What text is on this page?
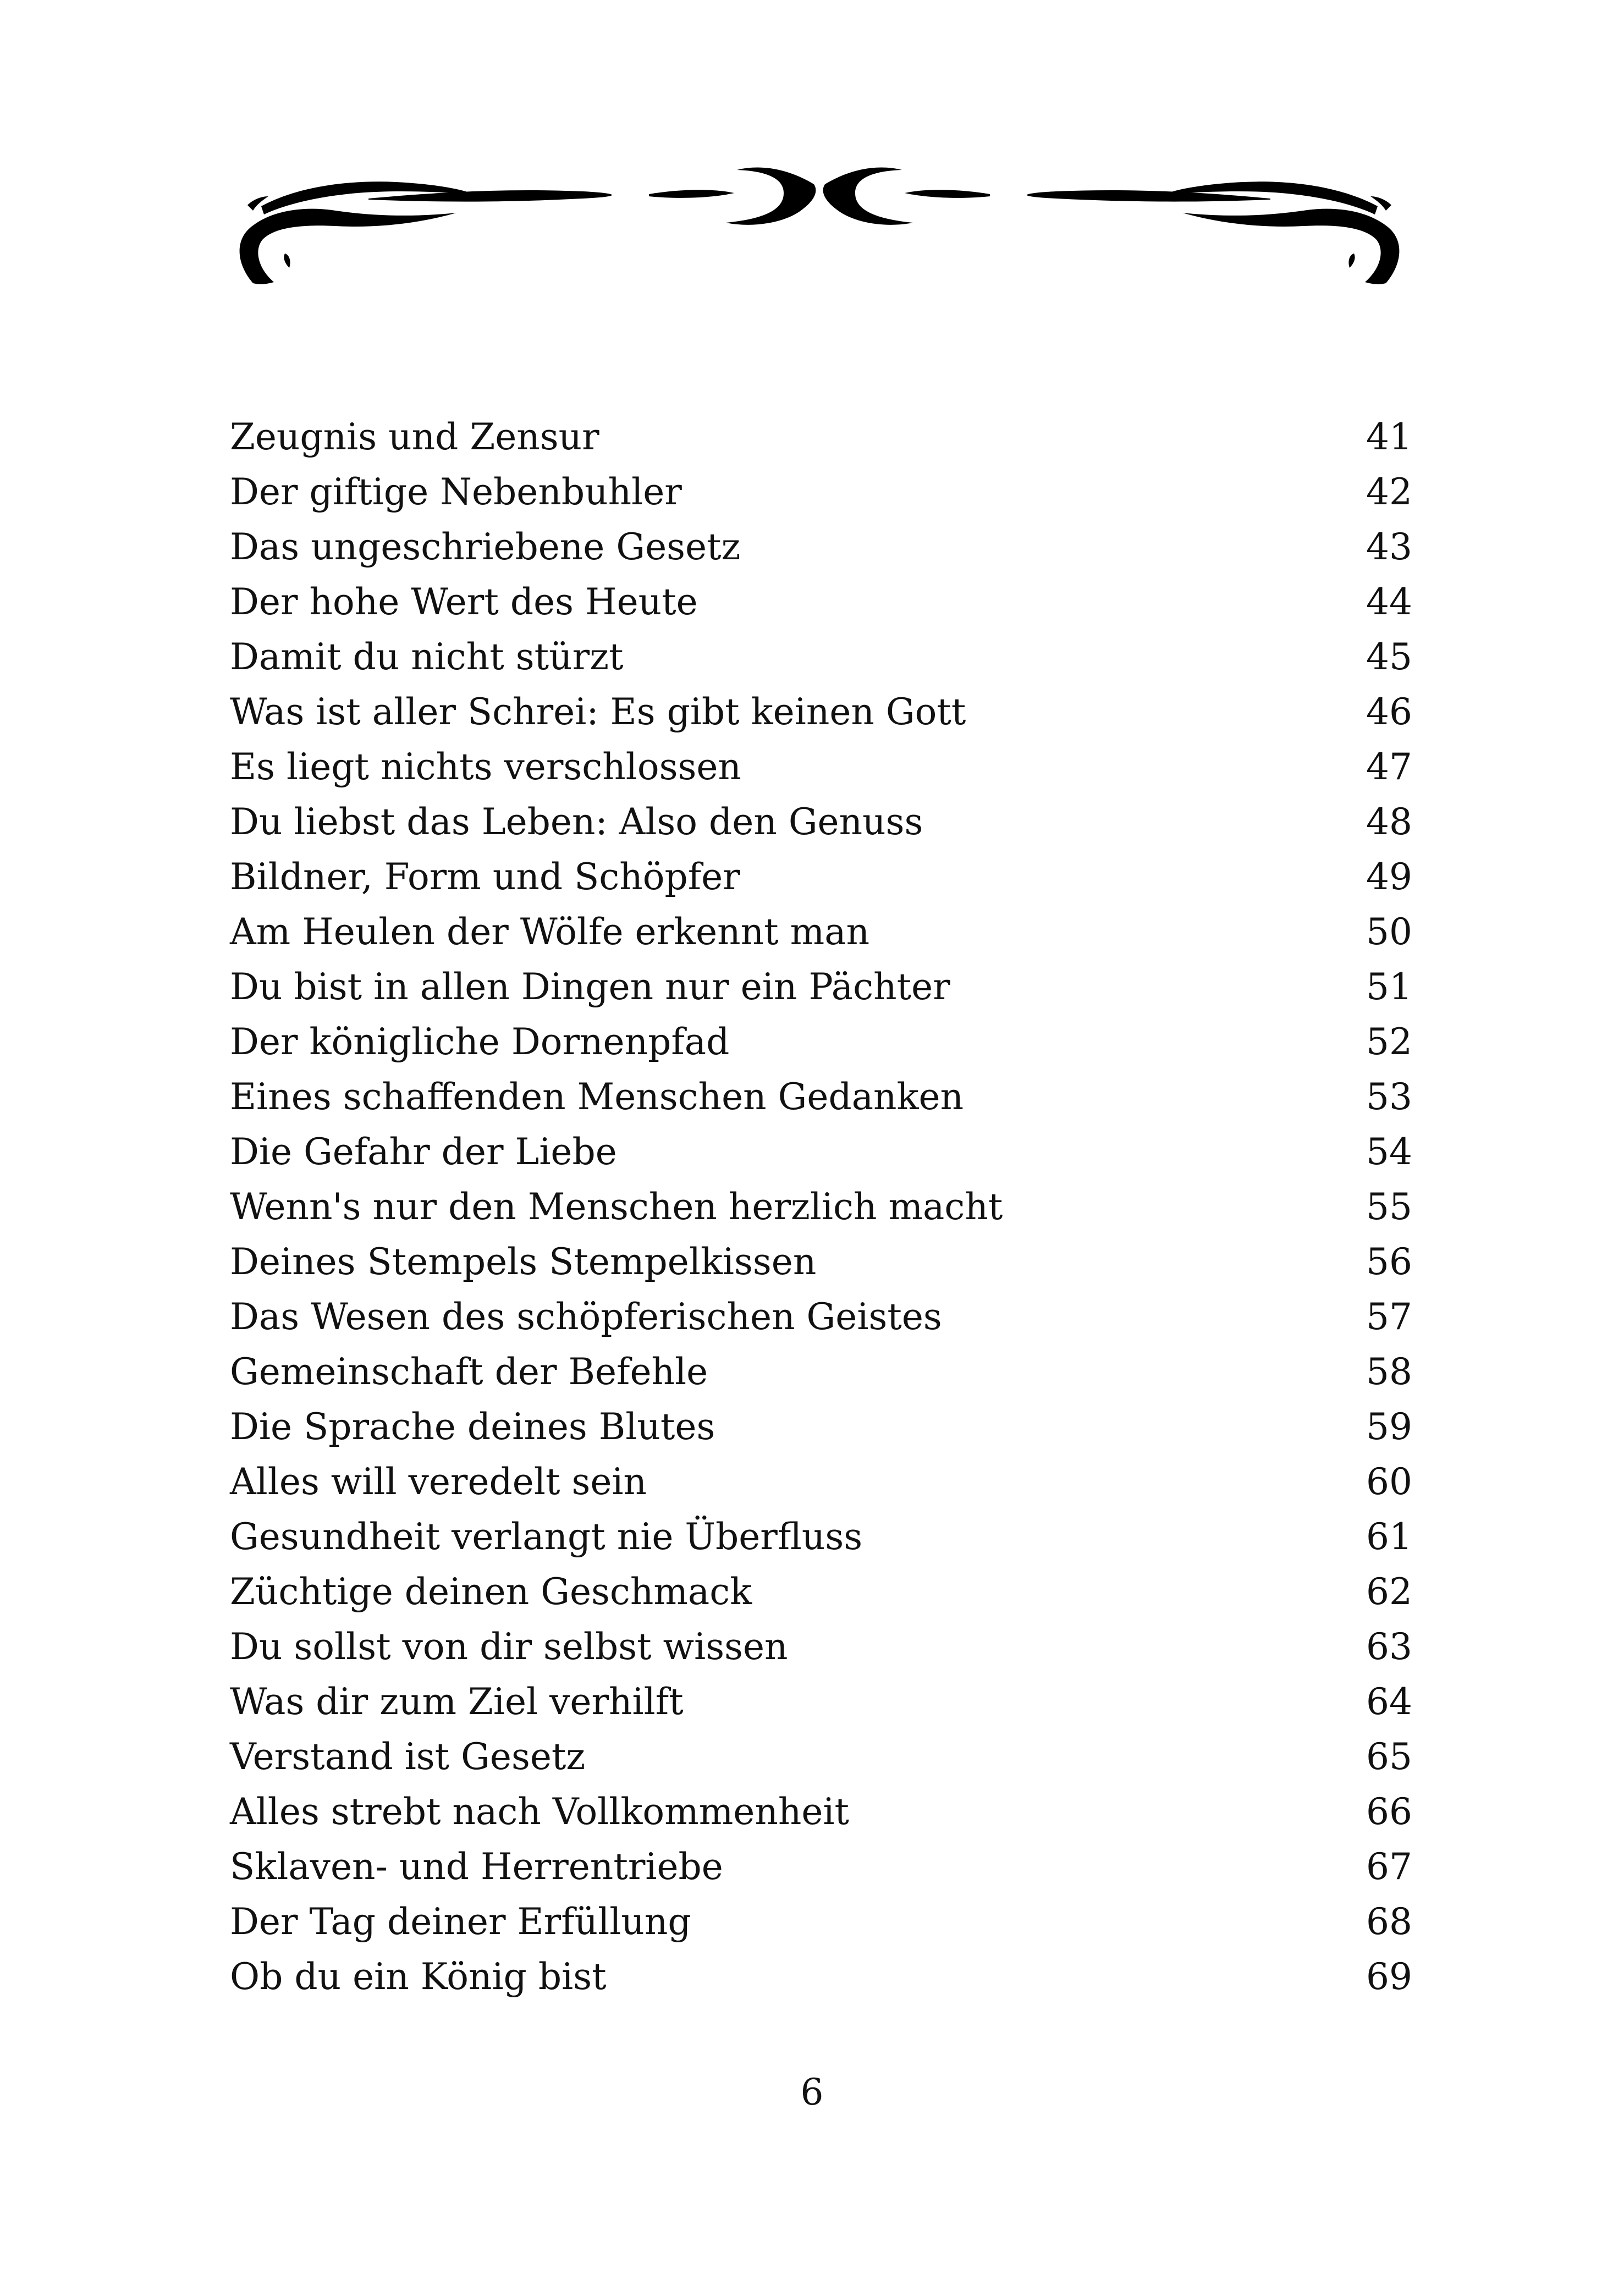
Zeugnis und Zensur	41
Der giftige Nebenbuhler	42
Das ungeschriebene Gesetz	43
Der hohe Wert des Heute	44
Damit du nicht stürzt	45
Was ist aller Schrei: Es gibt keinen Gott	46
Es liegt nichts verschlossen	47
Du liebst das Leben: Also den Genuss	48
Bildner, Form und Schöpfer	49
Am Heulen der Wölfe erkennt man	50
Du bist in allen Dingen nur ein Pächter	51
Der königliche Dornenpfad	52
Eines schaffenden Menschen Gedanken	53
Die Gefahr der Liebe	54
Wenn's nur den Menschen herzlich macht	55
Deines Stempels Stempelkissen	56
Das Wesen des schöpferischen Geistes	57
Gemeinschaft der Befehle	58
Die Sprache deines Blutes	59
Alles will veredelt sein	60
Gesundheit verlangt nie Überfluss	61
Züchtige deinen Geschmack	62
Du sollst von dir selbst wissen	63
Was dir zum Ziel verhilft	64
Verstand ist Gesetz	65
Alles strebt nach Vollkommenheit	66
Sklaven- und Herrentriebe	67
Der Tag deiner Erfüllung	68
Ob du ein König bist	69
6
